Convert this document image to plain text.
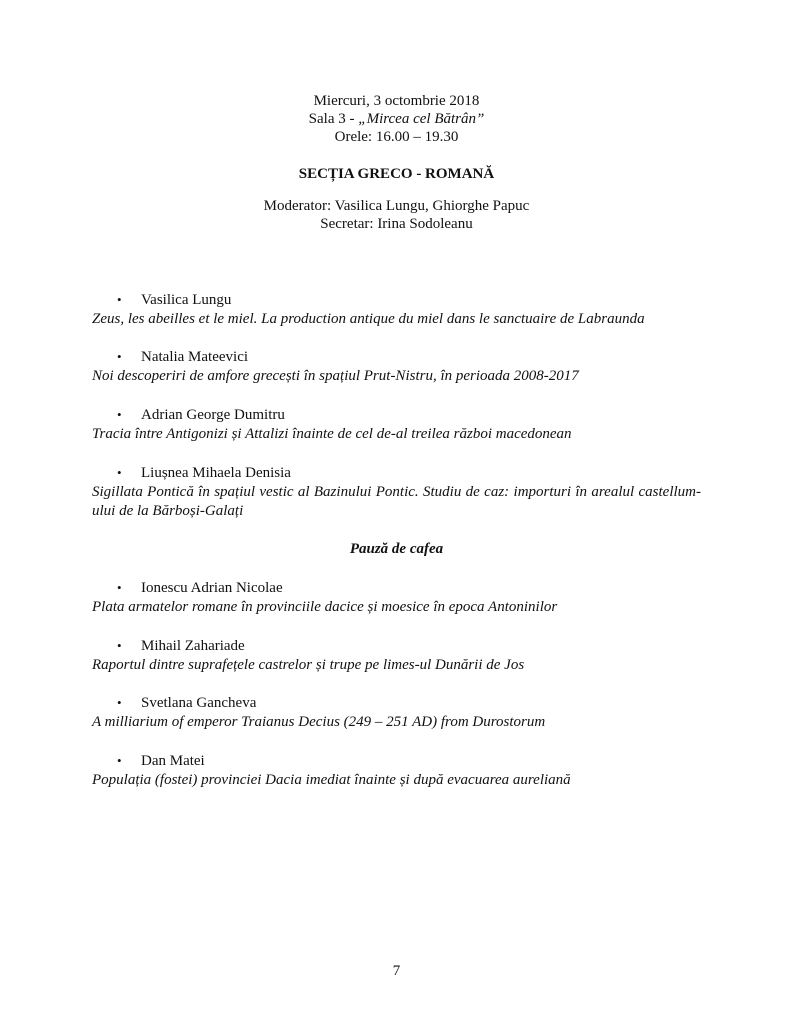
Miercuri, 3 octombrie 2018
Sala 3 - „Mircea cel Bătrân”
Orele: 16.00 – 19.30
SECȚIA GRECO - ROMANĂ
Moderator: Vasilica Lungu, Ghiorghe Papuc
Secretar: Irina Sodoleanu
• Vasilica Lungu
Zeus, les abeilles et le miel. La production antique du miel dans le sanctuaire de Labraunda
• Natalia Mateevici
Noi descoperiri de amfore grecești în spațiul Prut-Nistru, în perioada 2008-2017
• Adrian George Dumitru
Tracia între Antigonizi și Attalizi înainte de cel de-al treilea război macedonean
• Liușnea Mihaela Denisia
Sigillata Pontică în spațiul vestic al Bazinului Pontic. Studiu de caz: importuri în arealul castellum-ului de la Bărboși-Galați
Pauză de cafea
• Ionescu Adrian Nicolae
Plata armatelor romane în provinciile dacice și moesice în epoca Antoninilor
• Mihail Zahariade
Raportul dintre suprafețele castrelor și trupe pe limes-ul Dunării de Jos
• Svetlana Gancheva
A milliarium of emperor Traianus Decius (249 – 251 AD) from Durostorum
• Dan Matei
Populația (fostei) provinciei Dacia imediat înainte și după evacuarea aureliană
7
